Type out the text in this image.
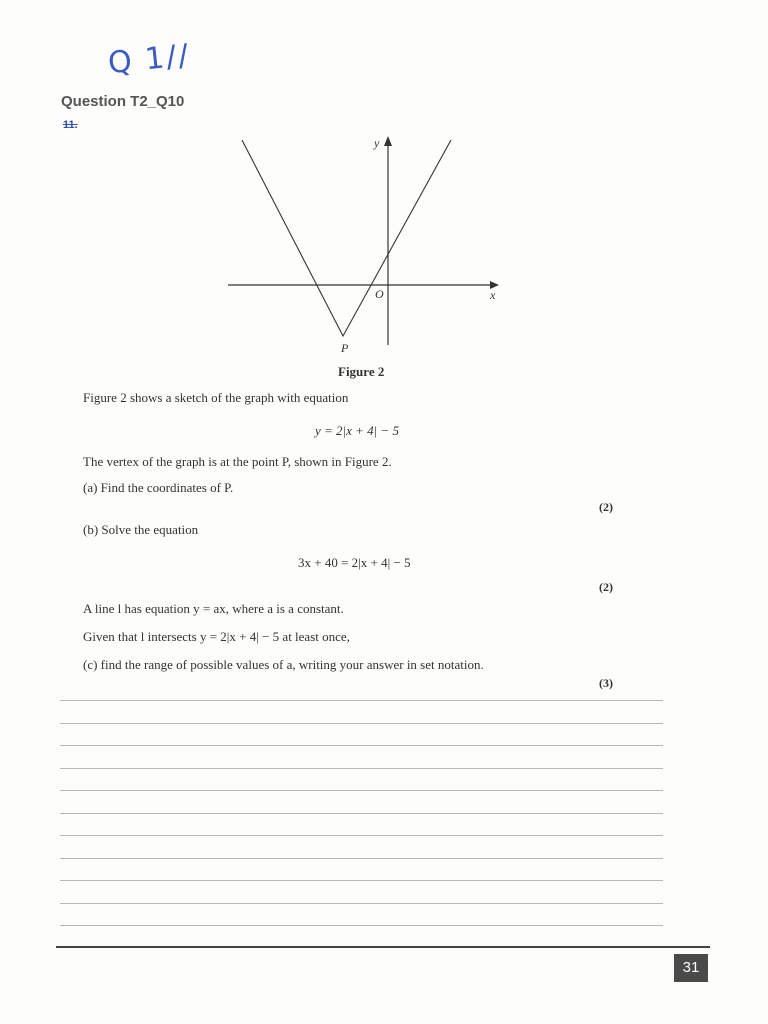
Q 1//
Question T2_Q10
11.
y
x
O
P
Figure 2
Figure 2 shows a sketch of the graph with equation
y = 2|x + 4| − 5
The vertex of the graph is at the point P, shown in Figure 2.
(a) Find the coordinates of P.
(2)
(b) Solve the equation
3x + 40 = 2|x + 4| − 5
(2)
A line l has equation y = ax, where a is a constant.
Given that l intersects y = 2|x + 4| − 5 at least once,
(c) find the range of possible values of a, writing your answer in set notation.
(3)
31
